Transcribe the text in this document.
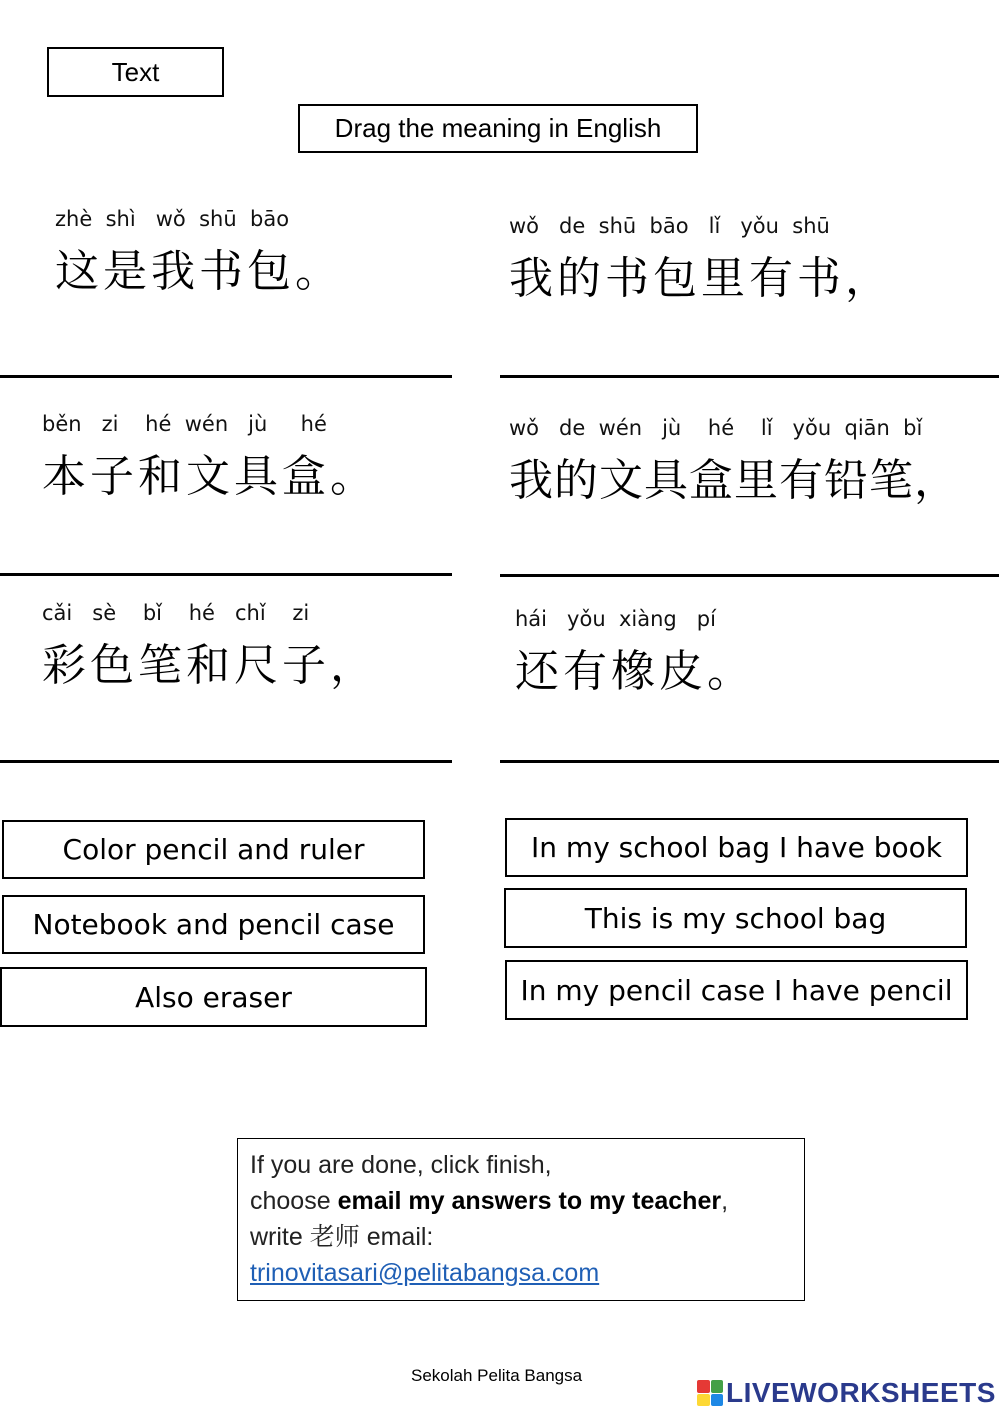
Text
Drag the meaning in English
zhè  shì   wǒ  shū  bāo
这是我书包。
wǒ   de  shū  bāo   lǐ   yǒu  shū
我的书包里有书，
běn   zi    hé  wén   jù     hé
本子和文具盒。
wǒ   de  wén   jù    hé    lǐ   yǒu  qiān  bǐ
我的文具盒里有铅笔，
cǎi   sè    bǐ    hé   chǐ    zi
彩色笔和尺子，
hái   yǒu  xiàng   pí
还有橡皮。
Color pencil and ruler
Notebook and pencil case
Also eraser
In my school bag I have book
This is my school bag
In my pencil case I have pencil
If you are done, click finish,
choose email my answers to my teacher,
write 老师 email:
trinovitasari@pelitabangsa.com
Sekolah Pelita Bangsa
LIVEWORKSHEETS
